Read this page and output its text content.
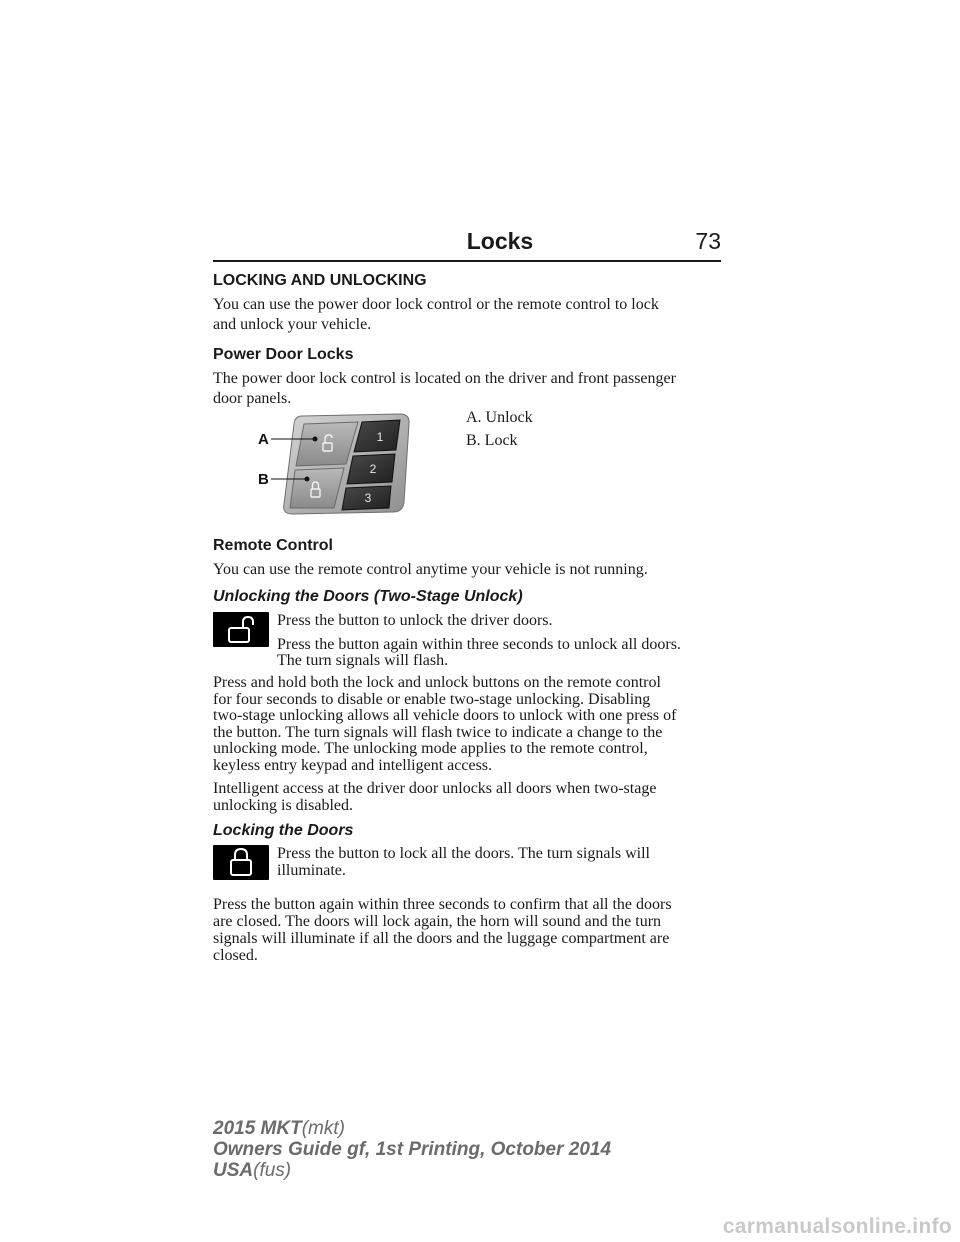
Locks	73
LOCKING AND UNLOCKING

You can use the power door lock control or the remote control to lock

and unlock your vehicle.

Power Door Locks

The power door lock control is located on the driver and front passenger

door panels.

1
2
3
A
B
A. Unlock
B. Lock
Remote Control

You can use the remote control anytime your vehicle is not running.

Unlocking the Doors (Two-Stage Unlock)

Press the button to unlock the driver doors.

Press the button again within three seconds to unlock all doors.

The turn signals will flash.

Press and hold both the lock and unlock buttons on the remote control

for four seconds to disable or enable two-stage unlocking. Disabling

two-stage unlocking allows all vehicle doors to unlock with one press of

the button. The turn signals will flash twice to indicate a change to the

unlocking mode. The unlocking mode applies to the remote control,

keyless entry keypad and intelligent access.

Intelligent access at the driver door unlocks all doors when two-stage

unlocking is disabled.

Locking the Doors

Press the button to lock all the doors. The turn signals will

illuminate.

Press the button again within three seconds to confirm that all the doors

are closed. The doors will lock again, the horn will sound and the turn

signals will illuminate if all the doors and the luggage compartment are

closed.

2015 MKT(mkt)
Owners Guide gf, 1st Printing, October 2014
USA(fus)
carmanualsonline.info
